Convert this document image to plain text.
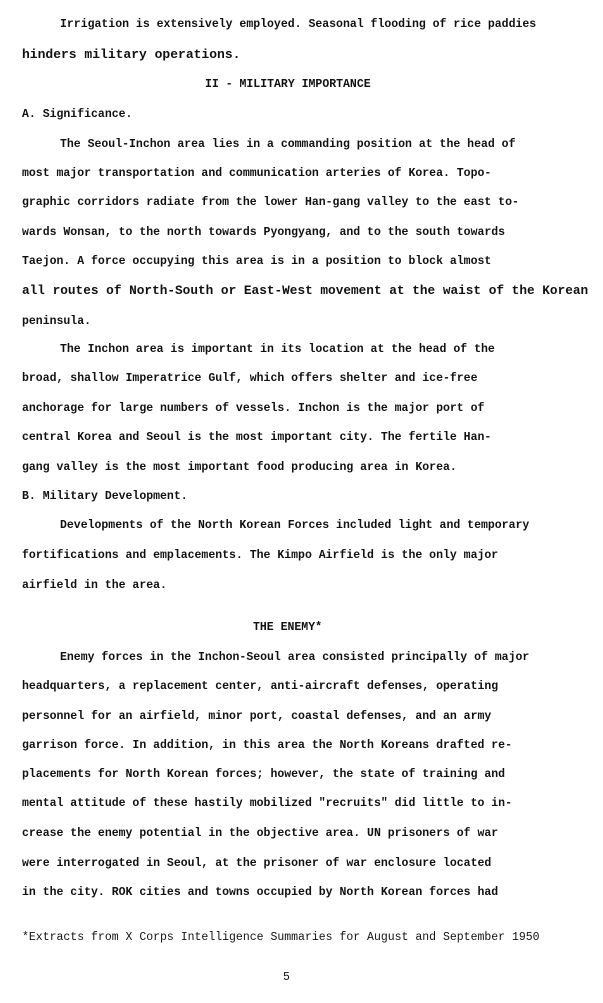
Irrigation is extensively employed. Seasonal flooding of rice paddies
hinders military operations.
II - MILITARY IMPORTANCE
A. Significance.
The Seoul-Inchon area lies in a commanding position at the head of
most major transportation and communication arteries of Korea. Topo-
graphic corridors radiate from the lower Han-gang valley to the east to-
wards Wonsan, to the north towards Pyongyang, and to the south towards
Taejon. A force occupying this area is in a position to block almost
all routes of North-South or East-West movement at the waist of the Korean
peninsula.
The Inchon area is important in its location at the head of the
broad, shallow Imperatrice Gulf, which offers shelter and ice-free
anchorage for large numbers of vessels. Inchon is the major port of
central Korea and Seoul is the most important city. The fertile Han-
gang valley is the most important food producing area in Korea.
B. Military Development.
Developments of the North Korean Forces included light and temporary
fortifications and emplacements. The Kimpo Airfield is the only major
airfield in the area.
THE ENEMY*
Enemy forces in the Inchon-Seoul area consisted principally of major
headquarters, a replacement center, anti-aircraft defenses, operating
personnel for an airfield, minor port, coastal defenses, and an army
garrison force. In addition, in this area the North Koreans drafted re-
placements for North Korean forces; however, the state of training and
mental attitude of these hastily mobilized "recruits" did little to in-
crease the enemy potential in the objective area. UN prisoners of war
were interrogated in Seoul, at the prisoner of war enclosure located
in the city. ROK cities and towns occupied by North Korean forces had
*Extracts from X Corps Intelligence Summaries for August and September 1950
5
